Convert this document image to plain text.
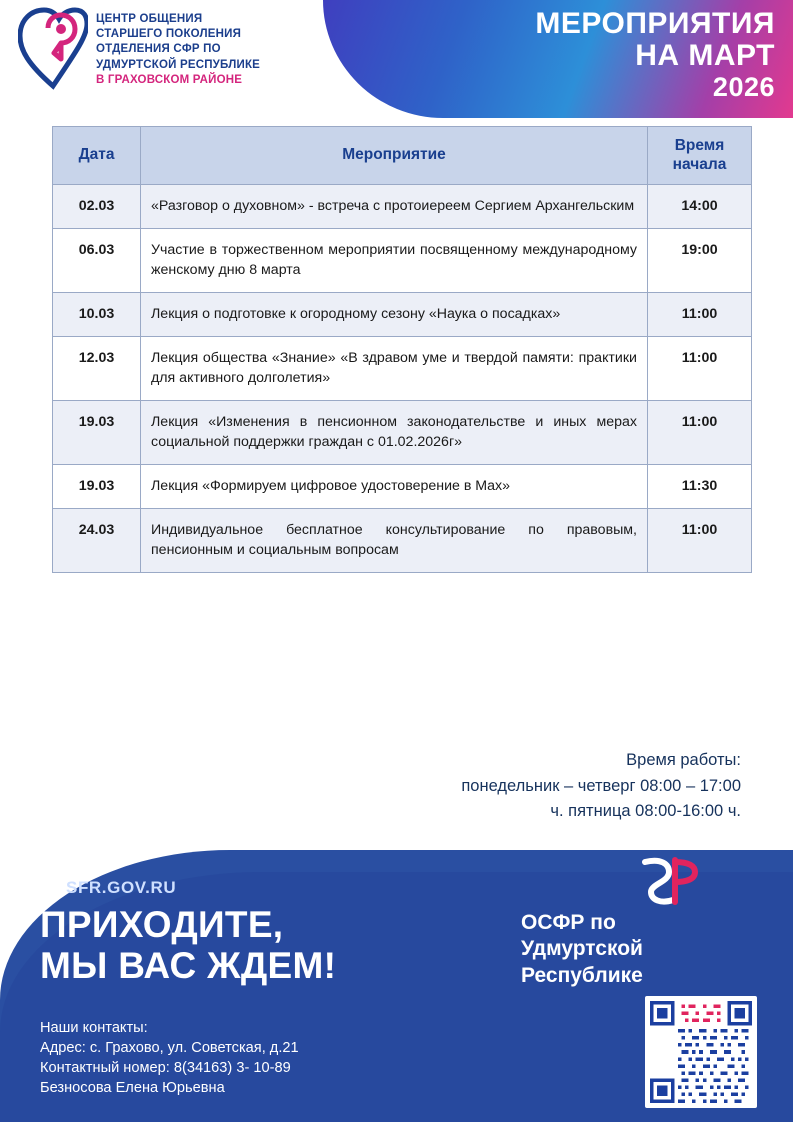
МЕРОПРИЯТИЯ
НА МАРТ
2026
ЦЕНТР ОБЩЕНИЯ
СТАРШЕГО ПОКОЛЕНИЯ
ОТДЕЛЕНИЯ СФР ПО
УДМУРТСКОЙ РЕСПУБЛИКЕ
В ГРАХОВСКОМ РАЙОНЕ
Дата	Мероприятие	Время
начала

02.03	«Разговор о духовном» - встреча с протоиереем Сергием Архангельским	14:00
06.03	Участие в торжественном мероприятии посвященному международному женскому дню 8 марта	19:00
10.03	Лекция о подготовке к огородному сезону «Наука о посадках»	11:00
12.03	Лекция общества «Знание» «В здравом уме и твердой памяти: практики для активного долголетия»	11:00
19.03	Лекция «Изменения в пенсионном законодательстве и иных мерах социальной поддержки граждан с 01.02.2026г»	11:00
19.03	Лекция «Формируем цифровое удостоверение в Max»	11:30
24.03	Индивидуальное бесплатное консультирование по правовым, пенсионным и социальным вопросам	11:00
Время работы:
понедельник – четверг 08:00 – 17:00
ч. пятница 08:00-16:00 ч.
SFR.GOV.RU
ПРИХОДИТЕ,
МЫ ВАС ЖДЕМ!
Наши контакты:
Адрес: с. Грахово, ул. Советская, д.21
Контактный номер: 8(34163) 3- 10-89
Безносова Елена Юрьевна
ОСФР по
Удмуртской
Республике
